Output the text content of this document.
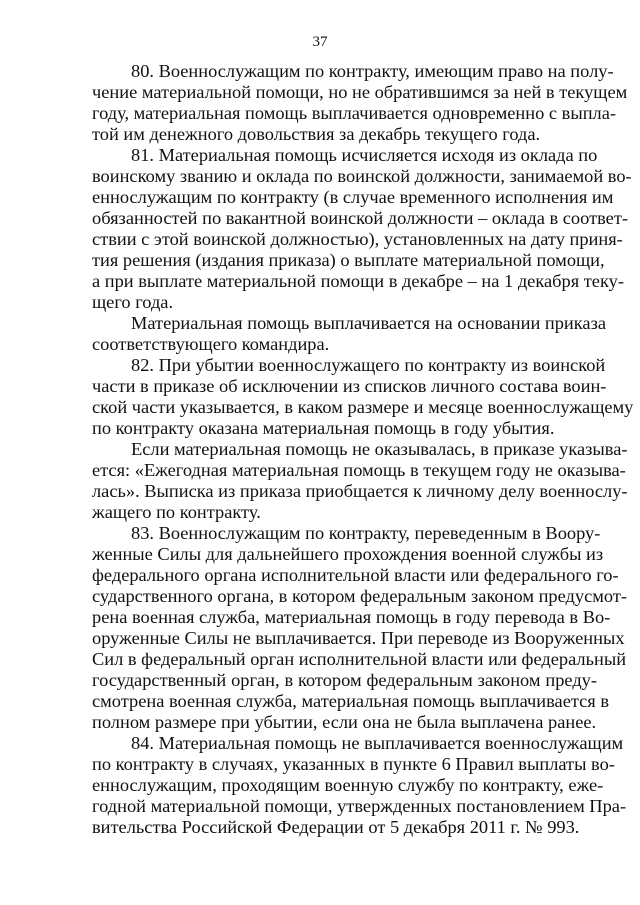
37
80. Военнослужащим по контракту, имеющим право на полу-
чение материальной помощи, но не обратившимся за ней в текущем
году, материальная помощь выплачивается одновременно с выпла-
той им денежного довольствия за декабрь текущего года.
81. Материальная помощь исчисляется исходя из оклада по
воинскому званию и оклада по воинской должности, занимаемой во-
еннослужащим по контракту (в случае временного исполнения им
обязанностей по вакантной воинской должности – оклада в соответ-
ствии с этой воинской должностью), установленных на дату приня-
тия решения (издания приказа) о выплате материальной помощи,
а при выплате материальной помощи в декабре – на 1 декабря теку-
щего года.
Материальная помощь выплачивается на основании приказа
соответствующего командира.
82. При убытии военнослужащего по контракту из воинской
части в приказе об исключении из списков личного состава воин-
ской части указывается, в каком размере и месяце военнослужащему
по контракту оказана материальная помощь в году убытия.
Если материальная помощь не оказывалась, в приказе указыва-
ется: «Ежегодная материальная помощь в текущем году не оказыва-
лась». Выписка из приказа приобщается к личному делу военнослу-
жащего по контракту.
83. Военнослужащим по контракту, переведенным в Воору-
женные Силы для дальнейшего прохождения военной службы из
федерального органа исполнительной власти или федерального го-
сударственного органа, в котором федеральным законом предусмот-
рена военная служба, материальная помощь в году перевода в Во-
оруженные Силы не выплачивается. При переводе из Вооруженных
Сил в федеральный орган исполнительной власти или федеральный
государственный орган, в котором федеральным законом преду-
смотрена военная служба, материальная помощь выплачивается в
полном размере при убытии, если она не была выплачена ранее.
84. Материальная помощь не выплачивается военнослужащим
по контракту в случаях, указанных в пункте 6 Правил выплаты во-
еннослужащим, проходящим военную службу по контракту, еже-
годной материальной помощи, утвержденных постановлением Пра-
вительства Российской Федерации от 5 декабря 2011 г. № 993.
